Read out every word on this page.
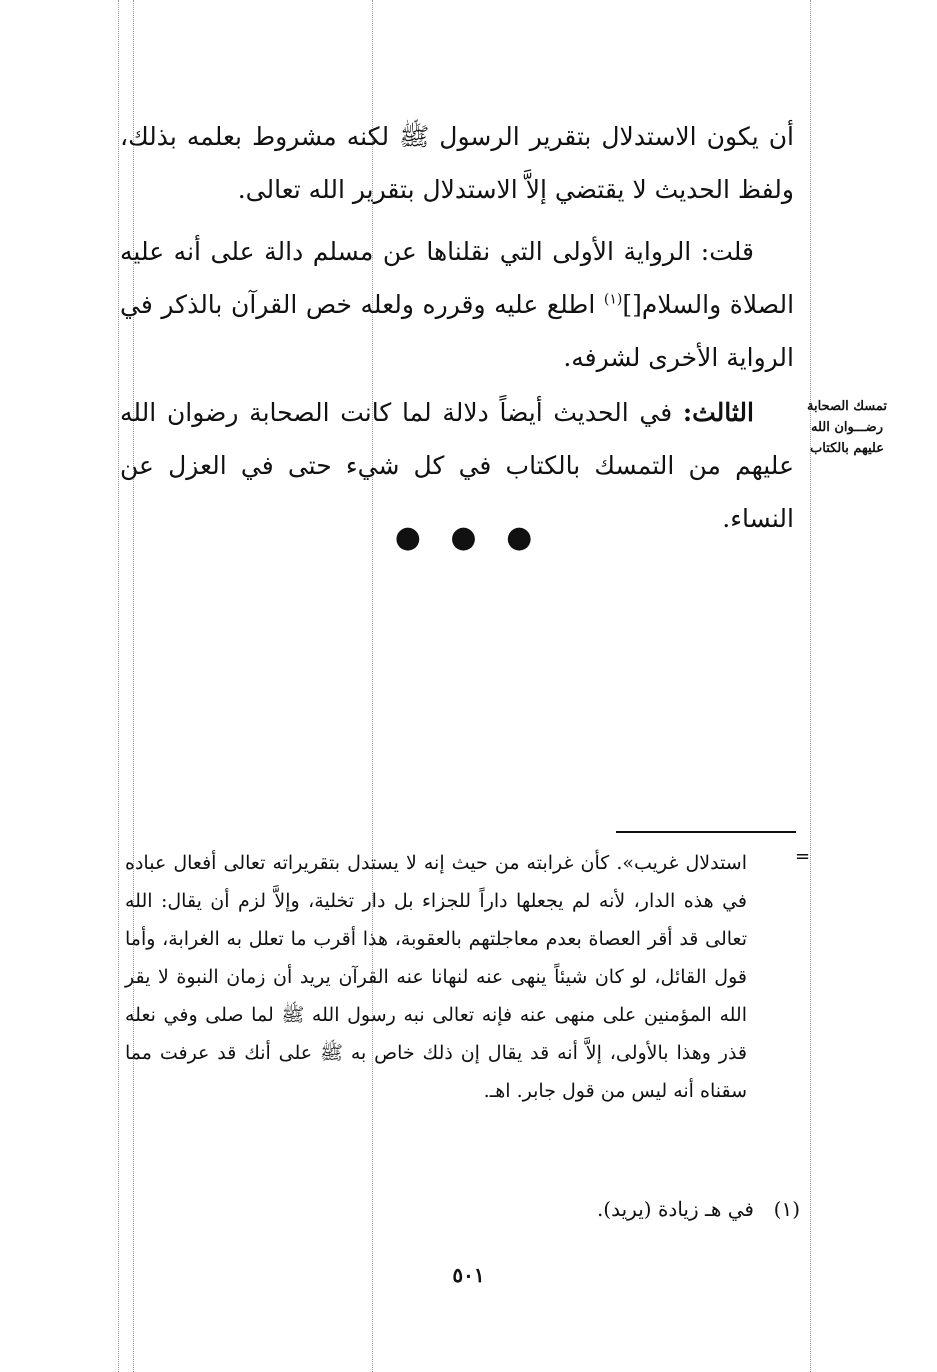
أن يكون الاستدلال بتقرير الرسول ﷺ لكنه مشروط بعلمه بذلك، ولفظ الحديث لا يقتضي إلاَّ الاستدلال بتقرير الله تعالى.

قلت: الرواية الأولى التي نقلناها عن مسلم دالة على أنه عليه الصلاة والسلام[]$^{(١)}$ اطلع عليه وقرره ولعله خص القرآن بالذكر في الرواية الأخرى لشرفه.

الثالث: في الحديث أيضاً دلالة لما كانت الصحابة رضوان الله عليهم من التمسك بالكتاب في كل شيء حتى في العزل عن النساء.

تمسك الصحابة
رضـــوان الله
عليهم بالكتاب
● ● ●
=

استدلال غريب». كأن غرابته من حيث إنه لا يستدل بتقريراته تعالى أفعال عباده في هذه الدار، لأنه لم يجعلها داراً للجزاء بل دار تخلية، وإلاَّ لزم أن يقال: الله تعالى قد أقر العصاة بعدم معاجلتهم بالعقوبة، هذا أقرب ما تعلل به الغرابة، وأما قول القائل، لو كان شيئاً ينهى عنه لنهانا عنه القرآن يريد أن زمان النبوة لا يقر الله المؤمنين على منهى عنه فإنه تعالى نبه رسول الله ﷺ لما صلى وفي نعله قذر وهذا بالأولى، إلاَّ أنه قد يقال إن ذلك خاص به ﷺ على أنك قد عرفت مما سقناه أنه ليس من قول جابر. اهـ.

(١)في هـ زيادة (يريد).
٥٠١
